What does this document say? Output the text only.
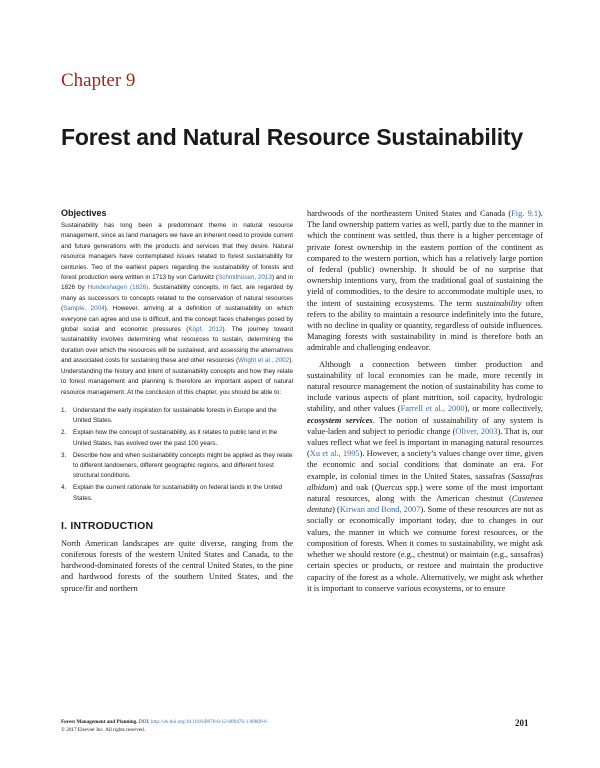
Chapter 9
Forest and Natural Resource Sustainability
Objectives

Sustainability has long been a predominant theme in natural resource management, since as land managers we have an inherent need to provide current and future generations with the products and services that they desire. Natural resource managers have contemplated issues related to forest sustainability for centuries. Two of the earliest papers regarding the sustainability of forests and forest production were written in 1713 by von Carlowitz (Schmithüsen, 2013) and in 1826 by Hundeshagen (1826). Sustainability concepts, in fact, are regarded by many as successors to concepts related to the conservation of natural resources (Sample, 2004). However, arriving at a definition of sustainability on which everyone can agree and use is difficult, and the concept faces challenges posed by global social and economic pressures (Köpf, 2012). The journey toward sustainability involves determining what resources to sustain, determining the duration over which the resources will be sustained, and assessing the alternatives and associated costs for sustaining these and other resources (Wright et al., 2002). Understanding the history and intent of sustainability concepts and how they relate to forest management and planning is therefore an important aspect of natural resource management. At the conclusion of this chapter, you should be able to:

1.	Understand the early inspiration for sustainable forests in Europe and the United States.
2.	Explain how the concept of sustainability, as it relates to public land in the United States, has evolved over the past 100 years.
3.	Describe how and when sustainability concepts might be applied as they relate to different landowners, different geographic regions, and different forest structural conditions.
4.	Explain the current rationale for sustainability on federal lands in the United States.
I. INTRODUCTION

North American landscapes are quite diverse, ranging from the coniferous forests of the western United States and Canada, to the hardwood-dominated forests of the central United States, to the pine and hardwood forests of the southern United States, and the spruce/fir and northern

hardwoods of the northeastern United States and Canada (Fig. 9.1). The land ownership pattern varies as well, partly due to the manner in which the continent was settled, thus there is a higher percentage of private forest ownership in the eastern portion of the continent as compared to the western portion, which has a relatively large portion of federal (public) ownership. It should be of no surprise that ownership intentions vary, from the traditional goal of sustaining the yield of commodities, to the desire to accommodate multiple uses, to the intent of sustaining ecosystems. The term sustainability often refers to the ability to maintain a resource indefinitely into the future, with no decline in quality or quantity, regardless of outside influences. Managing forests with sustainability in mind is therefore both an admirable and challenging endeavor.

Although a connection between timber production and sustainability of local economies can be made, more recently in natural resource management the notion of sustainability has come to include various aspects of plant nutrition, soil capacity, hydrologic stability, and other values (Farrell et al., 2000), or more collectively, ecosystem services. The notion of sustainability of any system is value-laden and subject to periodic change (Oliver, 2003). That is, our values reflect what we feel is important in managing natural resources (Xu et al., 1995). However, a society’s values change over time, given the economic and social conditions that dominate an era. For example, in colonial times in the United States, sassafras (Sassafras albidum) and oak (Quercus spp.) were some of the most important natural resources, along with the American chestnut (Castenea dentata) (Kirwan and Bond, 2007). Some of these resources are not as socially or economically important today, due to changes in our values, the manner in which we consume forest resources, or the composition of forests. When it comes to sustainability, we might ask whether we should restore (e.g., chestnut) or maintain (e.g., sassafras) certain species or products, or restore and maintain the productive capacity of the forest as a whole. Alternatively, we might ask whether it is important to conserve various ecosystems, or to ensure

Forest Management and Planning. DOI: http://dx.doi.org/10.1016/B978-0-12-809476-1.00009-6
© 2017 Elsevier Inc. All rights reserved.
201
